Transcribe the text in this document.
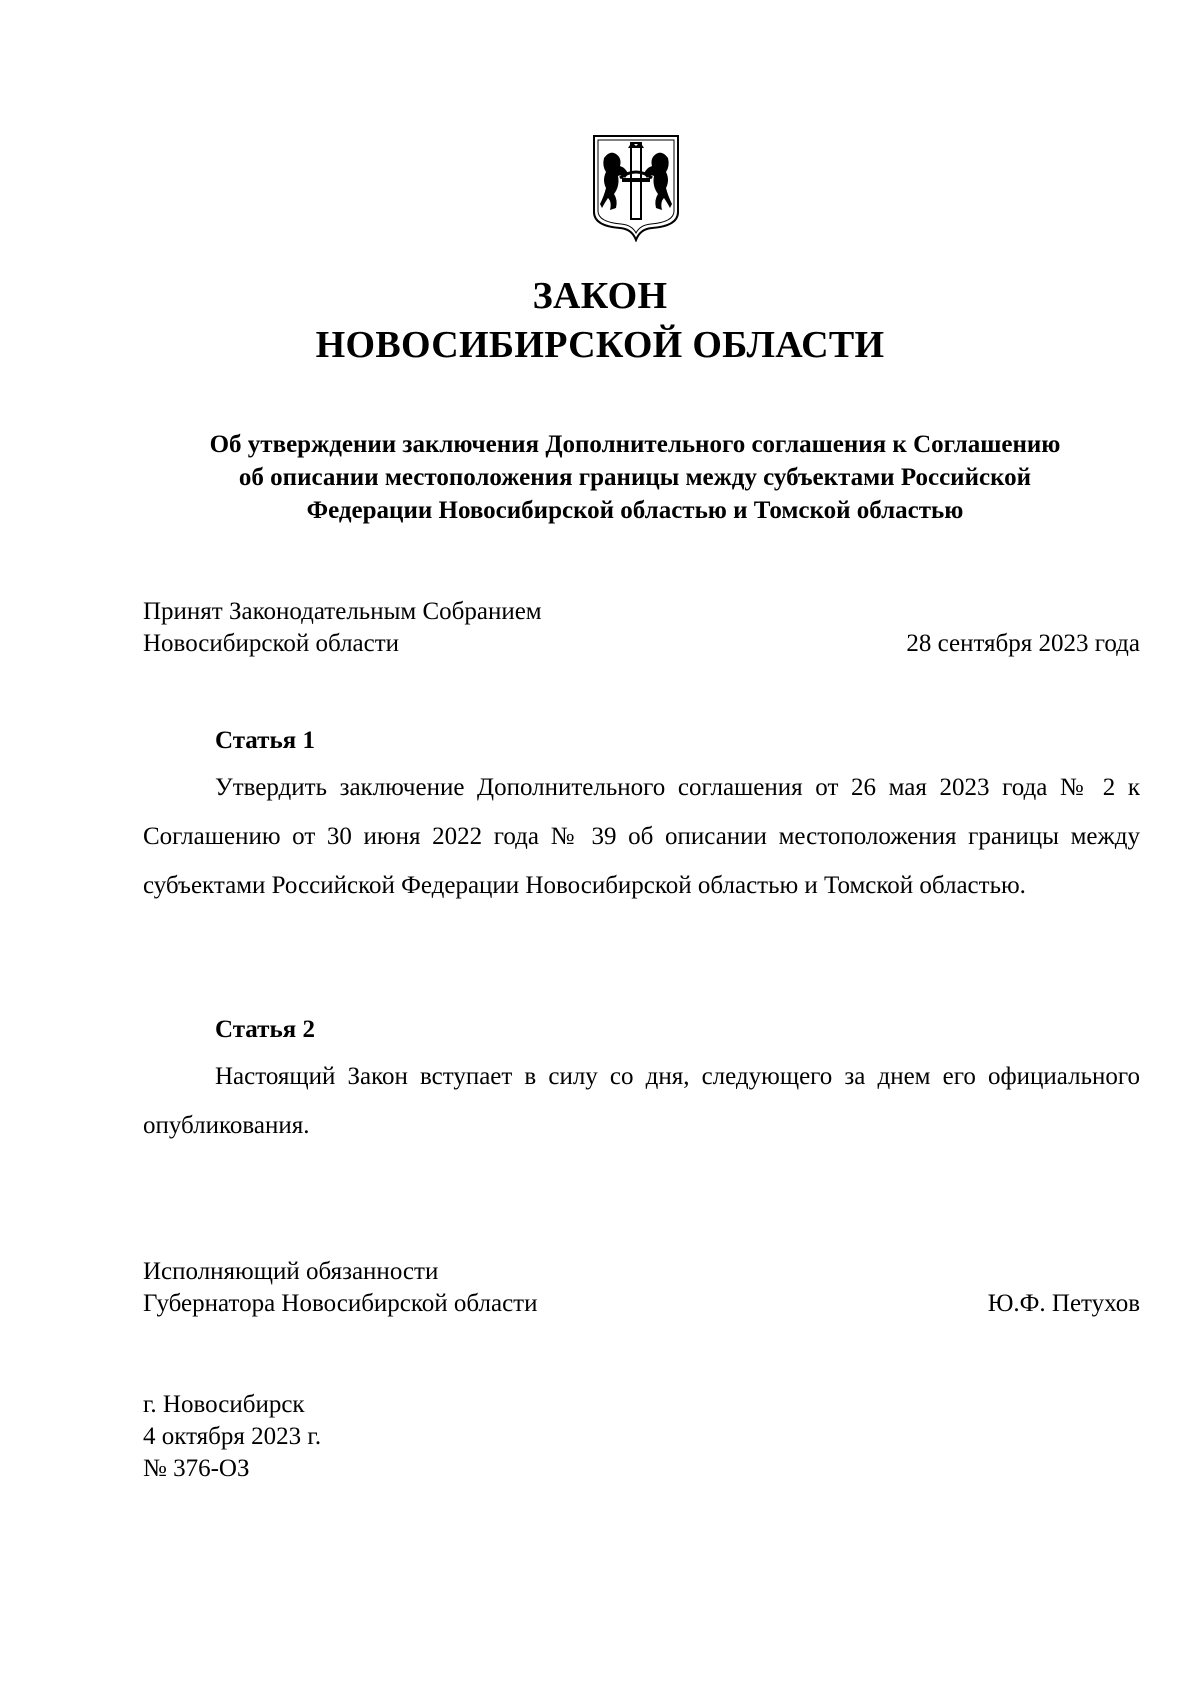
ЗАКОН
НОВОСИБИРСКОЙ ОБЛАСТИ
Об утверждении заключения Дополнительного соглашения к Соглашению
об описании местоположения границы между субъектами Российской
Федерации Новосибирской областью и Томской областью
Принят Законодательным Собранием
Новосибирской области	28 сентября 2023 года
Статья 1
Утвердить заключение Дополнительного соглашения от 26 мая 2023 года № 2 к Соглашению от 30 июня 2022 года № 39 об описании местоположения границы между субъектами Российской Федерации Новосибирской областью и Томской областью.
Статья 2
Настоящий Закон вступает в силу со дня, следующего за днем его официального опубликования.
Исполняющий обязанности
Губернатора Новосибирской области	Ю.Ф. Петухов
г. Новосибирск
4 октября 2023 г.
№ 376-ОЗ
